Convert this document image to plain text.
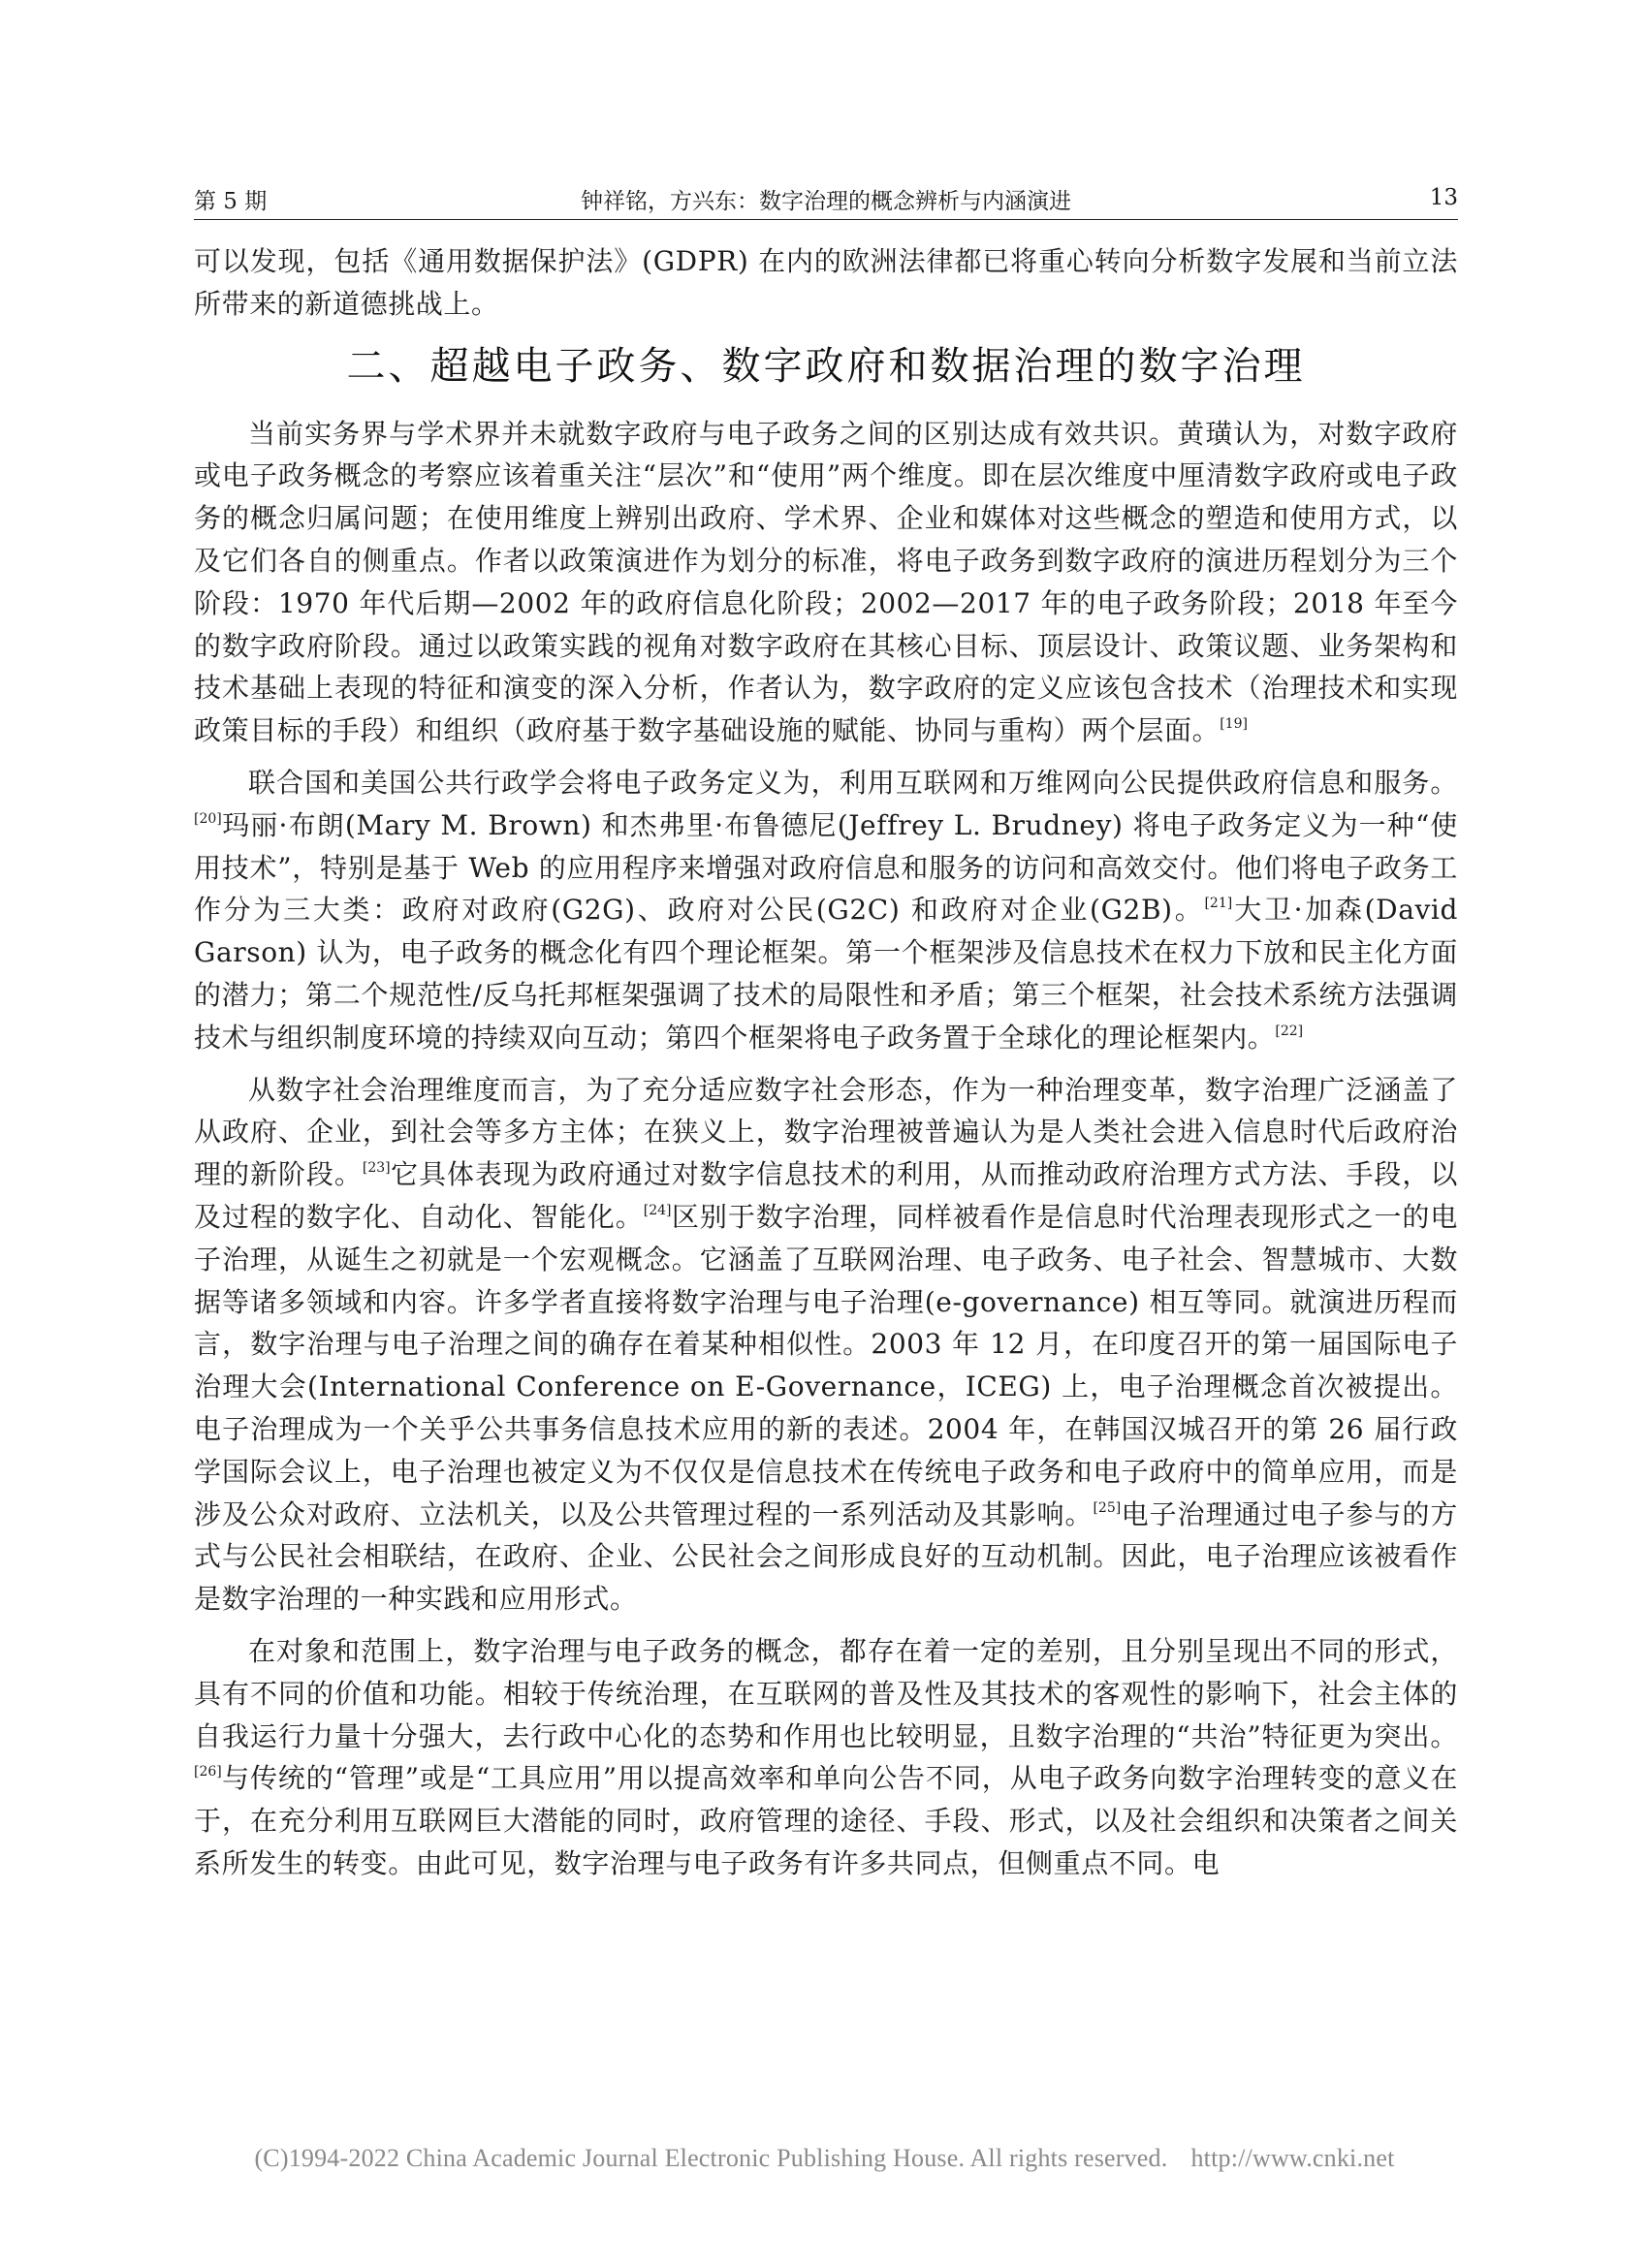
第 5 期	钟祥铭，方兴东：数字治理的概念辨析与内涵演进	13

可以发现，包括《通用数据保护法》(GDPR) 在内的欧洲法律都已将重心转向分析数字发展和当前立法所带来的新道德挑战上。

二、超越电子政务、数字政府和数据治理的数字治理

当前实务界与学术界并未就数字政府与电子政务之间的区别达成有效共识。黄璜认为，对数字政府或电子政务概念的考察应该着重关注“层次”和“使用”两个维度。即在层次维度中厘清数字政府或电子政务的概念归属问题；在使用维度上辨别出政府、学术界、企业和媒体对这些概念的塑造和使用方式，以及它们各自的侧重点。作者以政策演进作为划分的标准，将电子政务到数字政府的演进历程划分为三个阶段：1970 年代后期—2002 年的政府信息化阶段；2002—2017 年的电子政务阶段；2018 年至今的数字政府阶段。通过以政策实践的视角对数字政府在其核心目标、顶层设计、政策议题、业务架构和技术基础上表现的特征和演变的深入分析，作者认为，数字政府的定义应该包含技术（治理技术和实现政策目标的手段）和组织（政府基于数字基础设施的赋能、协同与重构）两个层面。[19]

联合国和美国公共行政学会将电子政务定义为，利用互联网和万维网向公民提供政府信息和服务。[20]玛丽·布朗(Mary M. Brown) 和杰弗里·布鲁德尼(Jeffrey L. Brudney) 将电子政务定义为一种“使用技术”，特别是基于 Web 的应用程序来增强对政府信息和服务的访问和高效交付。他们将电子政务工作分为三大类：政府对政府(G2G)、政府对公民(G2C) 和政府对企业(G2B)。[21]大卫·加森(David Garson) 认为，电子政务的概念化有四个理论框架。第一个框架涉及信息技术在权力下放和民主化方面的潜力；第二个规范性/反乌托邦框架强调了技术的局限性和矛盾；第三个框架，社会技术系统方法强调技术与组织制度环境的持续双向互动；第四个框架将电子政务置于全球化的理论框架内。[22]

从数字社会治理维度而言，为了充分适应数字社会形态，作为一种治理变革，数字治理广泛涵盖了从政府、企业，到社会等多方主体；在狭义上，数字治理被普遍认为是人类社会进入信息时代后政府治理的新阶段。[23]它具体表现为政府通过对数字信息技术的利用，从而推动政府治理方式方法、手段，以及过程的数字化、自动化、智能化。[24]区别于数字治理，同样被看作是信息时代治理表现形式之一的电子治理，从诞生之初就是一个宏观概念。它涵盖了互联网治理、电子政务、电子社会、智慧城市、大数据等诸多领域和内容。许多学者直接将数字治理与电子治理(e-governance) 相互等同。就演进历程而言，数字治理与电子治理之间的确存在着某种相似性。2003 年 12 月，在印度召开的第一届国际电子治理大会(International Conference on E-Governance，ICEG) 上，电子治理概念首次被提出。电子治理成为一个关乎公共事务信息技术应用的新的表述。2004 年，在韩国汉城召开的第 26 届行政学国际会议上，电子治理也被定义为不仅仅是信息技术在传统电子政务和电子政府中的简单应用，而是涉及公众对政府、立法机关，以及公共管理过程的一系列活动及其影响。[25]电子治理通过电子参与的方式与公民社会相联结，在政府、企业、公民社会之间形成良好的互动机制。因此，电子治理应该被看作是数字治理的一种实践和应用形式。

在对象和范围上，数字治理与电子政务的概念，都存在着一定的差别，且分别呈现出不同的形式，具有不同的价值和功能。相较于传统治理，在互联网的普及性及其技术的客观性的影响下，社会主体的自我运行力量十分强大，去行政中心化的态势和作用也比较明显，且数字治理的“共治”特征更为突出。[26]与传统的“管理”或是“工具应用”用以提高效率和单向公告不同，从电子政务向数字治理转变的意义在于，在充分利用互联网巨大潜能的同时，政府管理的途径、手段、形式，以及社会组织和决策者之间关系所发生的转变。由此可见，数字治理与电子政务有许多共同点，但侧重点不同。电

(C)1994-2022 China Academic Journal Electronic Publishing House. All rights reserved. http://www.cnki.net
